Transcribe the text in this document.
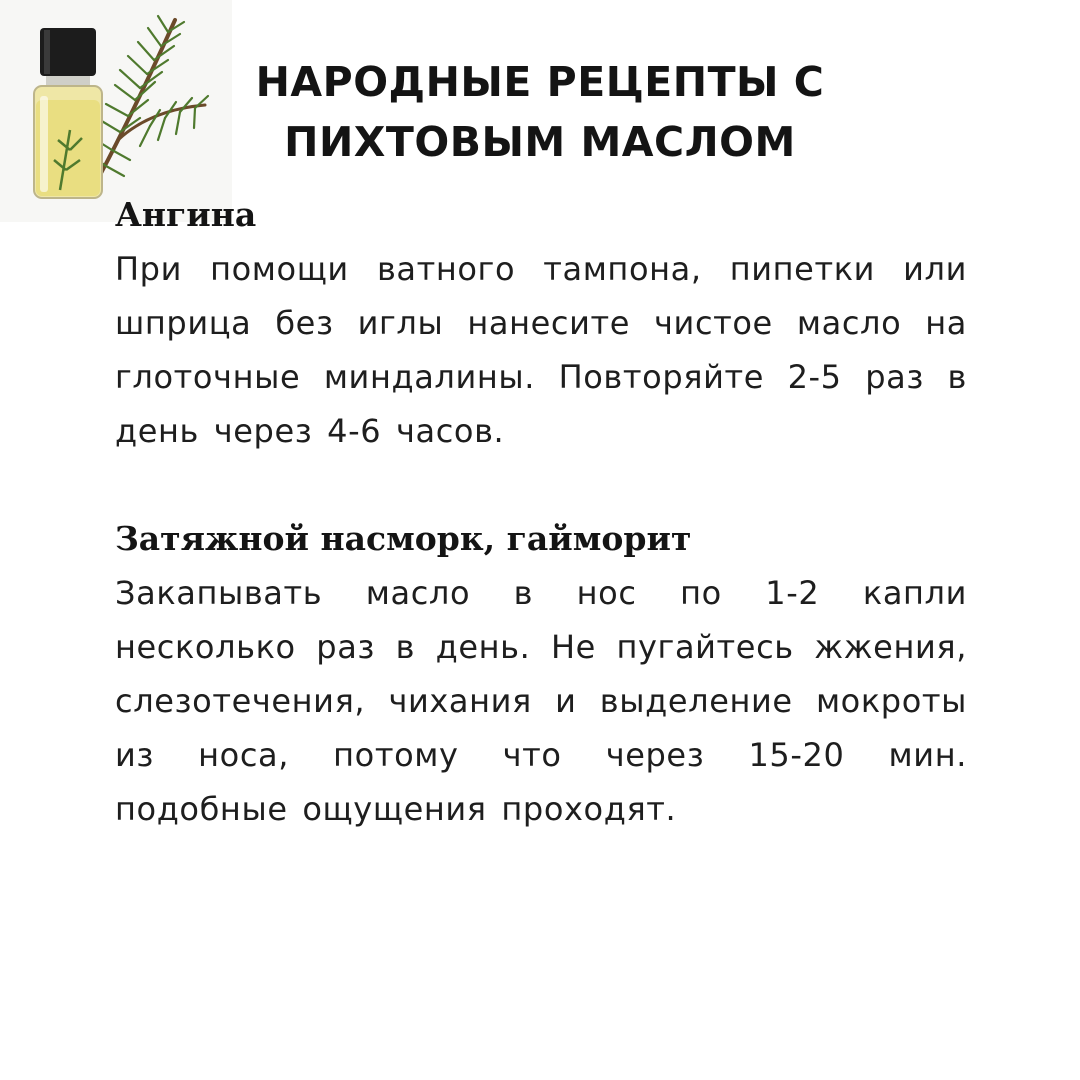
НАРОДНЫЕ РЕЦЕПТЫ С
ПИХТОВЫМ МАСЛОМ
Ангина

При помощи ватного тампона, пипетки или шприца без иглы нанесите чистое масло на глоточные миндалины. Повторяйте 2-5 раз в день через 4-6 часов.

Затяжной насморк, гайморит

Закапывать масло в нос по 1-2 капли несколько раз в день. Не пугайтесь жжения, слезотечения, чихания и выделение мокроты из носа, потому что через 15-20 мин. подобные ощущения проходят.
